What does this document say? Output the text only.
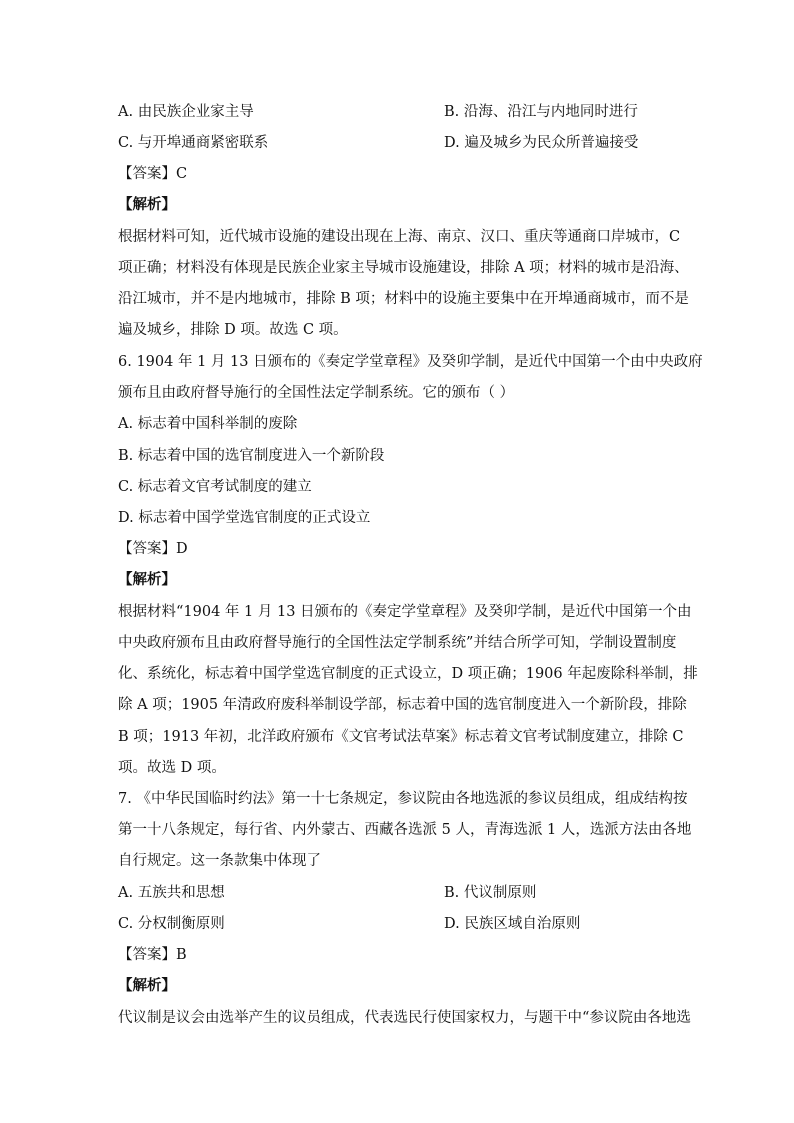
A. 由民族企业家主导	B. 沿海、沿江与内地同时进行
C. 与开埠通商紧密联系	D. 遍及城乡为民众所普遍接受
【答案】C
【解析】
根据材料可知，近代城市设施的建设出现在上海、南京、汉口、重庆等通商口岸城市，C
项正确；材料没有体现是民族企业家主导城市设施建设，排除 A 项；材料的城市是沿海、
沿江城市，并不是内地城市，排除 B 项；材料中的设施主要集中在开埠通商城市，而不是
遍及城乡，排除 D 项。故选 C 项。
6. 1904 年 1 月 13 日颁布的《奏定学堂章程》及癸卯学制，是近代中国第一个由中央政府
颁布且由政府督导施行的全国性法定学制系统。它的颁布（ ）
A. 标志着中国科举制的废除
B. 标志着中国的选官制度进入一个新阶段
C. 标志着文官考试制度的建立
D. 标志着中国学堂选官制度的正式设立
【答案】D
【解析】
根据材料“1904 年 1 月 13 日颁布的《奏定学堂章程》及癸卯学制，是近代中国第一个由
中央政府颁布且由政府督导施行的全国性法定学制系统”并结合所学可知，学制设置制度
化、系统化，标志着中国学堂选官制度的正式设立，D 项正确；1906 年起废除科举制，排
除 A 项；1905 年清政府废科举制设学部，标志着中国的选官制度进入一个新阶段，排除
B 项；1913 年初，北洋政府颁布《文官考试法草案》标志着文官考试制度建立，排除 C
项。故选 D 项。
7. 《中华民国临时约法》第一十七条规定，参议院由各地选派的参议员组成，组成结构按
第一十八条规定，每行省、内外蒙古、西藏各选派 5 人，青海选派 1 人，选派方法由各地
自行规定。这一条款集中体现了
A. 五族共和思想	B. 代议制原则
C. 分权制衡原则	D. 民族区域自治原则
【答案】B
【解析】
代议制是议会由选举产生的议员组成，代表选民行使国家权力，与题干中“参议院由各地选
